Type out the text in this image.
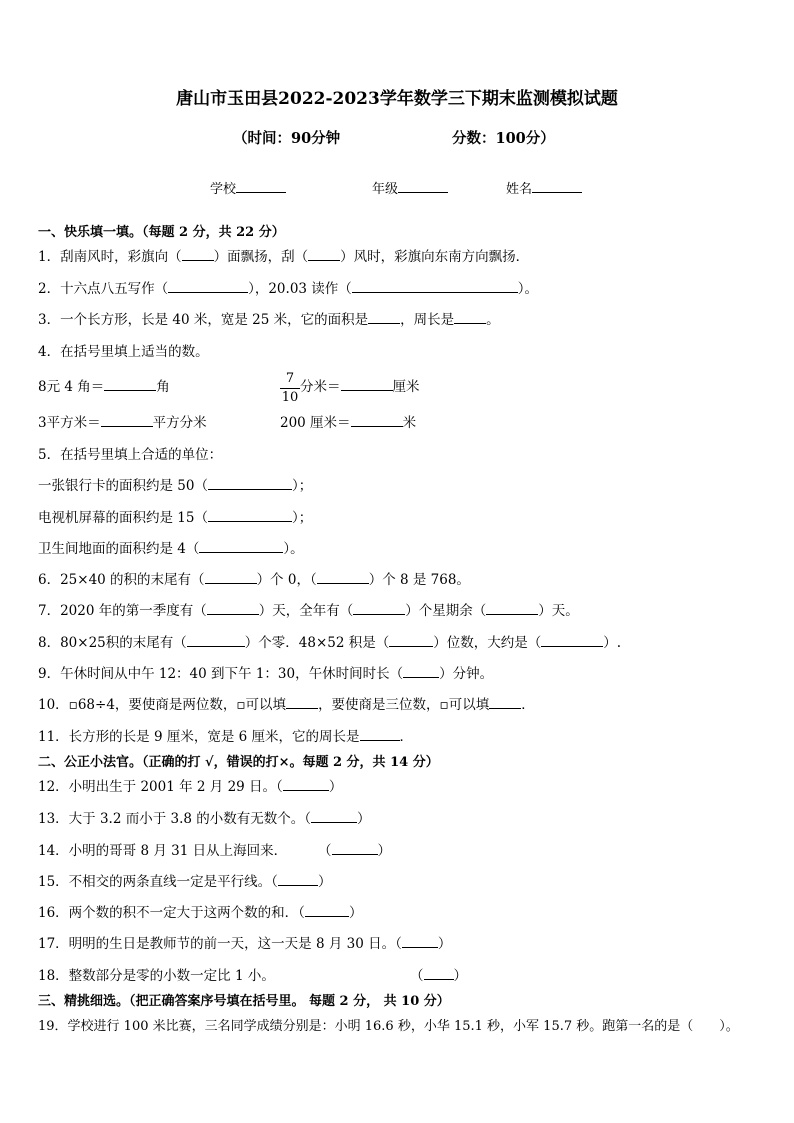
唐山市玉田县2022-2023学年数学三下期末监测模拟试题
（时间：90分钟	分数：100分）
学校	年级	姓名
一、快乐填一填。（每题 2 分，共 22 分）
1．刮南风时，彩旗向（ ）面飘扬，刮（ ）风时，彩旗向东南方向飘扬．
2．十六点八五写作（	），20.03 读作（	）。
3．一个长方形，长是 40 米，宽是 25 米，它的面积是 ，周长是 。
4．在括号里填上适当的数。
8元 4 角＝	角
7
10
分米＝	厘米
3平方米＝	平方分米	200 厘米＝	米
5．在括号里填上合适的单位：
一张银行卡的面积约是 50（	）；
电视机屏幕的面积约是 15（	）；
卫生间地面的面积约是 4（	）。
6．25×40 的积的末尾有（	）个 0，（	）个 8 是 768。
7．2020 年的第一季度有（	）天，全年有（	）个星期余（	）天。
8．80×25积的末尾有（	）个零．48×52 积是（	）位数，大约是（	）.
9．午休时间从中午 12：40 到下午 1：30，午休时间时长（	）分钟。
10．▫68÷4，要使商是两位数，▫可以填 ，要使商是三位数，▫可以填 ．
11．长方形的长是 9 厘米，宽是 6 厘米，它的周长是	．
二、公正小法官。（正确的打 √，错误的打×。每题 2 分，共 14 分）
12．小明出生于 2001 年 2 月 29 日。（	）
13．大于 3.2 而小于 3.8 的小数有无数个。（	）
14．小明的哥哥 8 月 31 日从上海回来． （	）
15．不相交的两条直线一定是平行线。（	）
16．两个数的积不一定大于这两个数的和．（	）
17．明明的生日是教师节的前一天，这一天是 8 月 30 日。（	）
18．整数部分是零的小数一定比 1 小。	（ ）
三、精挑细选。（把正确答案序号填在括号里。 每题 2 分， 共 10 分）
19．学校进行 100 米比赛，三名同学成绩分别是：小明 16.6 秒，小华 15.1 秒，小军 15.7 秒。跑第一名的是（ ）。
